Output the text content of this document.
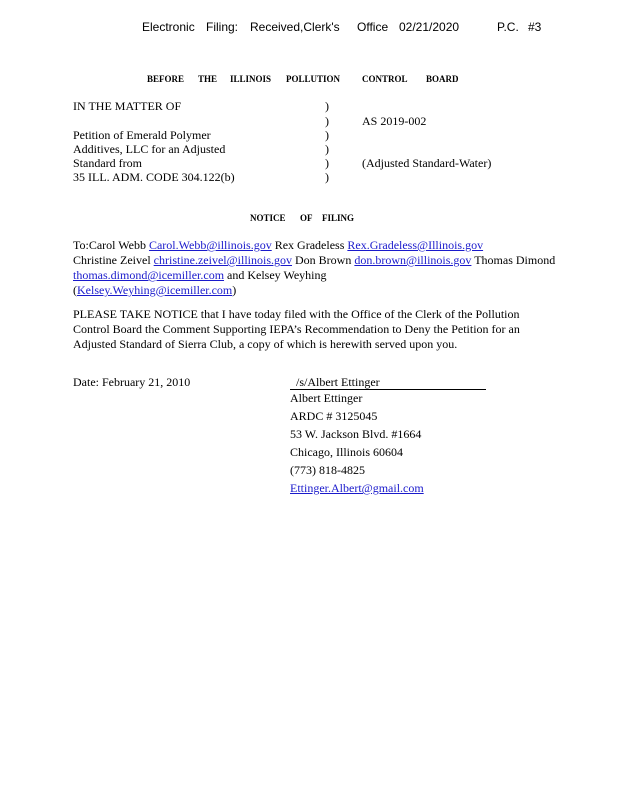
Electronic Filing: Received,Clerk's Office 02/21/2020	P.C. #3
BEFORE THE ILLINOIS POLLUTION CONTROL BOARD
IN THE MATTER OF
Petition of Emerald Polymer
Additives, LLC for an Adjusted
Standard from
35 ILL. ADM. CODE 304.122(b)
)
)
)
)
)
)
AS 2019-002
(Adjusted Standard-Water)
NOTICE OF FILING
To:Carol Webb Carol.Webb@illinois.gov Rex Gradeless Rex.Gradeless@Illinois.gov
Christine Zeivel christine.zeivel@illinois.gov Don Brown don.brown@illinois.gov Thomas Dimond
thomas.dimond@icemiller.com and Kelsey Weyhing
(Kelsey.Weyhing@icemiller.com)
PLEASE TAKE NOTICE that I have today filed with the Office of the Clerk of the Pollution
Control Board the Comment Supporting IEPA’s Recommendation to Deny the Petition for an
Adjusted Standard of Sierra Club, a copy of which is herewith served upon you.
Date: February 21, 2010	/s/Albert Ettinger
Albert Ettinger
ARDC # 3125045
53 W. Jackson Blvd. #1664
Chicago, Illinois 60604
(773) 818-4825
Ettinger.Albert@gmail.com
